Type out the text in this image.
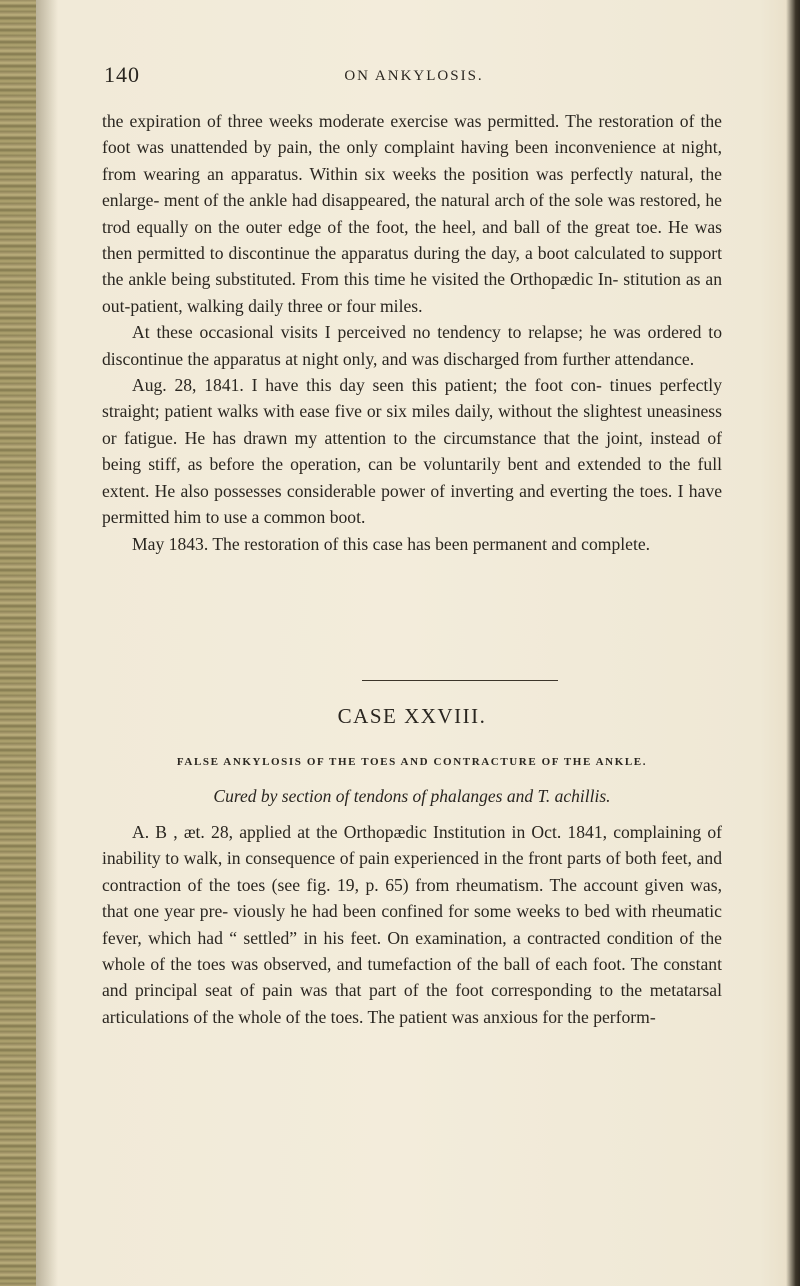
140	ON ANKYLOSIS.

the expiration of three weeks moderate exercise was permitted. The restoration of the foot was unattended by pain, the only complaint having been inconvenience at night, from wearing an apparatus. Within six weeks the position was perfectly natural, the enlarge- ment of the ankle had disappeared, the natural arch of the sole was restored, he trod equally on the outer edge of the foot, the heel, and ball of the great toe. He was then permitted to discontinue the apparatus during the day, a boot calculated to support the ankle being substituted. From this time he visited the Orthopædic In- stitution as an out-patient, walking daily three or four miles.

At these occasional visits I perceived no tendency to relapse; he was ordered to discontinue the apparatus at night only, and was discharged from further attendance.

Aug. 28, 1841. I have this day seen this patient; the foot con- tinues perfectly straight; patient walks with ease five or six miles daily, without the slightest uneasiness or fatigue. He has drawn my attention to the circumstance that the joint, instead of being stiff, as before the operation, can be voluntarily bent and extended to the full extent. He also possesses considerable power of inverting and everting the toes. I have permitted him to use a common boot.

May 1843. The restoration of this case has been permanent and complete.

CASE XXVIII.
FALSE ANKYLOSIS OF THE TOES AND CONTRACTURE OF THE ANKLE.
Cured by section of tendons of phalanges and T. achillis.

A. B , æt. 28, applied at the Orthopædic Institution in Oct. 1841, complaining of inability to walk, in consequence of pain experienced in the front parts of both feet, and contraction of the toes (see fig. 19, p. 65) from rheumatism. The account given was, that one year pre- viously he had been confined for some weeks to bed with rheumatic fever, which had “ settled” in his feet. On examination, a contracted condition of the whole of the toes was observed, and tumefaction of the ball of each foot. The constant and principal seat of pain was that part of the foot corresponding to the metatarsal articulations of the whole of the toes. The patient was anxious for the perform-
